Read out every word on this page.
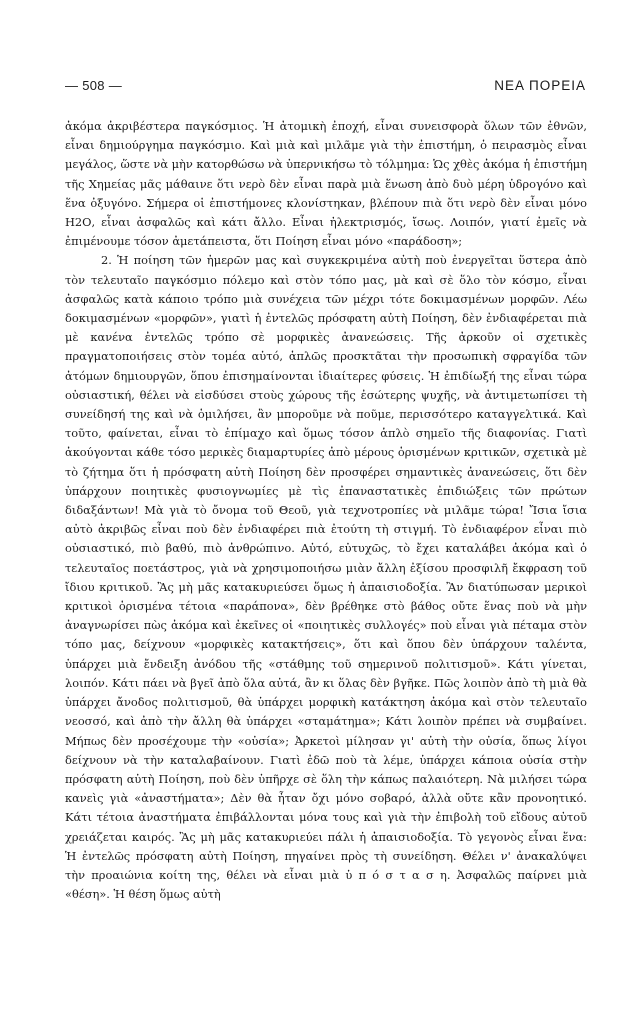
— 508 —	ΝΕΑ ΠΟΡΕΙΑ

ἀκόμα ἀκριβέστερα παγκόσμιος. Ἡ ἀτομικὴ ἐποχή, εἶναι συνεισφορὰ ὅλων τῶν ἐθνῶν, εἶναι δημιούργημα παγκόσμιο. Καὶ μιὰ καὶ μιλᾶμε γιὰ τὴν ἐπιστήμη, ὁ πειρασμὸς εἶναι μεγάλος, ὥστε νὰ μὴν κατορθώσω νὰ ὑπερνικήσω τὸ τόλμημα: Ὡς χθὲς ἀκόμα ἡ ἐπιστήμη τῆς Χημείας μᾶς μάθαινε ὅτι νερὸ δὲν εἶναι παρὰ μιὰ ἕνωση ἀπὸ δυὸ μέρη ὑδρογόνο καὶ ἕνα ὀξυγόνο. Σήμερα οἱ ἐπιστήμονες κλονίστηκαν, βλέπουν πιὰ ὅτι νερὸ δὲν εἶναι μόνο Η2Ο, εἶναι ἀσφαλῶς καὶ κάτι ἄλλο. Εἶναι ἠλεκτρισμός, ἴσως. Λοιπόν, γιατί ἐμεῖς νὰ ἐπιμένουμε τόσον ἀμετάπειστα, ὅτι Ποίηση εἶναι μόνο «παράδοση»;

2. Ἡ ποίηση τῶν ἡμερῶν μας καὶ συγκεκριμένα αὐτὴ ποὺ ἐνεργεῖται ὕστερα ἀπὸ τὸν τελευταῖο παγκόσμιο πόλεμο καὶ στὸν τόπο μας, μὰ καὶ σὲ ὅλο τὸν κόσμο, εἶναι ἀσφαλῶς κατὰ κάποιο τρόπο μιὰ συνέχεια τῶν μέχρι τότε δοκιμασμένων μορφῶν. Λέω δοκιμασμένων «μορφῶν», γιατὶ ἡ ἐντελῶς πρόσφατη αὐτὴ Ποίηση, δὲν ἐνδιαφέρεται πιὰ μὲ κανένα ἐντελῶς τρόπο σὲ μορφικὲς ἀνανεώσεις. Τῆς ἀρκοῦν οἱ σχετικὲς πραγματοποιήσεις στὸν τομέα αὐτό, ἁπλῶς προσκτᾶται τὴν προσωπικὴ σφραγίδα τῶν ἀτόμων δημιουργῶν, ὅπου ἐπισημαίνονται ἰδιαίτερες φύσεις. Ἡ ἐπιδίωξή της εἶναι τώρα οὐσιαστική, θέλει νὰ εἰσδύσει στοὺς χώρους τῆς ἐσώτερης ψυχῆς, νὰ ἀντιμετωπίσει τὴ συνείδησή της καὶ νὰ ὁμιλήσει, ἂν μποροῦμε νὰ ποῦμε, περισσότερο καταγγελτικά. Καὶ τοῦτο, φαίνεται, εἶναι τὸ ἐπίμαχο καὶ ὅμως τόσον ἁπλὸ σημεῖο τῆς διαφονίας. Γιατὶ ἀκούγονται κάθε τόσο μερικὲς διαμαρτυρίες ἀπὸ μέρους ὁρισμένων κριτικῶν, σχετικὰ μὲ τὸ ζήτημα ὅτι ἡ πρόσφατη αὐτὴ Ποίηση δὲν προσφέρει σημαντικὲς ἀνανεώσεις, ὅτι δὲν ὑπάρχουν ποιητικὲς φυσιογνωμίες μὲ τὶς ἐπαναστατικὲς ἐπιδιώξεις τῶν πρώτων διδαξάντων! Μὰ γιὰ τὸ ὄνομα τοῦ Θεοῦ, γιὰ τεχνοτροπίες νὰ μιλᾶμε τώρα! Ἴσια ἴσια αὐτὸ ἀκριβῶς εἶναι ποὺ δὲν ἐνδιαφέρει πιὰ ἐτούτη τὴ στιγμή. Τὸ ἐνδιαφέρον εἶναι πιὸ οὐσιαστικό, πιὸ βαθύ, πιὸ ἀνθρώπινο. Αὐτό, εὐτυχῶς, τὸ ἔχει καταλάβει ἀκόμα καὶ ὁ τελευταῖος ποετάστρος, γιὰ νὰ χρησιμοποιήσω μιὰν ἄλλη ἐξίσου προσφιλῆ ἔκφραση τοῦ ἴδιου κριτικοῦ. Ἂς μὴ μᾶς κατακυριεύσει ὅμως ἡ ἀπαισιοδοξία. Ἂν διατύπωσαν μερικοὶ κριτικοὶ ὁρισμένα τέτοια «παράπονα», δὲν βρέθηκε στὸ βάθος οὔτε ἕνας ποὺ νὰ μὴν ἀναγνωρίσει πὼς ἀκόμα καὶ ἐκεῖνες οἱ «ποιητικὲς συλλογές» ποὺ εἶναι γιὰ πέταμα στὸν τόπο μας, δείχνουν «μορφικὲς κατακτήσεις», ὅτι καὶ ὅπου δὲν ὑπάρχουν ταλέντα, ὑπάρχει μιὰ ἔνδειξη ἀνόδου τῆς «στάθμης τοῦ σημερινοῦ πολιτισμοῦ». Κάτι γίνεται, λοιπόν. Κάτι πάει νὰ βγεῖ ἀπὸ ὅλα αὐτά, ἂν κι ὅλας δὲν βγῆκε. Πῶς λοιπὸν ἀπὸ τὴ μιὰ θὰ ὑπάρχει ἄνοδος πολιτισμοῦ, θὰ ὑπάρχει μορφικὴ κατάκτηση ἀκόμα καὶ στὸν τελευταῖο νεοσσό, καὶ ἀπὸ τὴν ἄλλη θὰ ὑπάρχει «σταμάτημα»; Κάτι λοιπὸν πρέπει νὰ συμβαίνει. Μήπως δὲν προσέχουμε τὴν «οὐσία»; Ἀρκετοὶ μίλησαν γι' αὐτὴ τὴν οὐσία, ὅπως λίγοι δείχνουν νὰ τὴν καταλαβαίνουν. Γιατὶ ἐδῶ ποὺ τὰ λέμε, ὑπάρχει κάποια οὐσία στὴν πρόσφατη αὐτὴ Ποίηση, ποὺ δὲν ὑπῆρχε σὲ ὅλη τὴν κάπως παλαιότερη. Νὰ μιλήσει τώρα κανεὶς γιὰ «ἀναστήματα»; Δὲν θὰ ἦταν ὄχι μόνο σοβαρό, ἀλλὰ οὔτε κἂν προνοητικό. Κάτι τέτοια ἀναστήματα ἐπιβάλλονται μόνα τους καὶ γιὰ τὴν ἐπιβολὴ τοῦ εἴδους αὐτοῦ χρειάζεται καιρός. Ἂς μὴ μᾶς κατακυριεύει πάλι ἡ ἀπαισιοδοξία. Τὸ γεγονὸς εἶναι ἕνα: Ἡ ἐντελῶς πρόσφατη αὐτὴ Ποίηση, πηγαίνει πρὸς τὴ συνείδηση. Θέλει ν' ἀνακαλύψει τὴν προαιώνια κοίτη της, θέλει νὰ εἶναι μιὰ ὑ π ό σ τ α σ η. Ἀσφαλῶς παίρνει μιὰ «θέση». Ἡ θέση ὅμως αὐτὴ
